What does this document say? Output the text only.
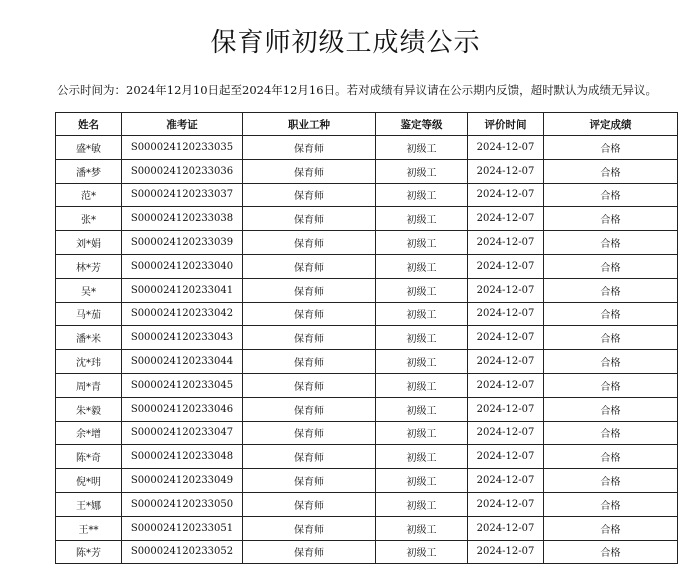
保育师初级工成绩公示
公示时间为：2024年12月10日起至2024年12月16日。若对成绩有异议请在公示期内反馈，超时默认为成绩无异议。
姓名	准考证	职业工种	鉴定等级	评价时间	评定成绩
盛*敏	S000024120233035	保育师	初级工	2024-12-07	合格
潘*梦	S000024120233036	保育师	初级工	2024-12-07	合格
范*	S000024120233037	保育师	初级工	2024-12-07	合格
张*	S000024120233038	保育师	初级工	2024-12-07	合格
刘*娟	S000024120233039	保育师	初级工	2024-12-07	合格
林*芳	S000024120233040	保育师	初级工	2024-12-07	合格
吴*	S000024120233041	保育师	初级工	2024-12-07	合格
马*茄	S000024120233042	保育师	初级工	2024-12-07	合格
潘*米	S000024120233043	保育师	初级工	2024-12-07	合格
沈*玮	S000024120233044	保育师	初级工	2024-12-07	合格
周*青	S000024120233045	保育师	初级工	2024-12-07	合格
朱*毅	S000024120233046	保育师	初级工	2024-12-07	合格
余*增	S000024120233047	保育师	初级工	2024-12-07	合格
陈*奇	S000024120233048	保育师	初级工	2024-12-07	合格
倪*明	S000024120233049	保育师	初级工	2024-12-07	合格
王*娜	S000024120233050	保育师	初级工	2024-12-07	合格
王**	S000024120233051	保育师	初级工	2024-12-07	合格
陈*芳	S000024120233052	保育师	初级工	2024-12-07	合格
